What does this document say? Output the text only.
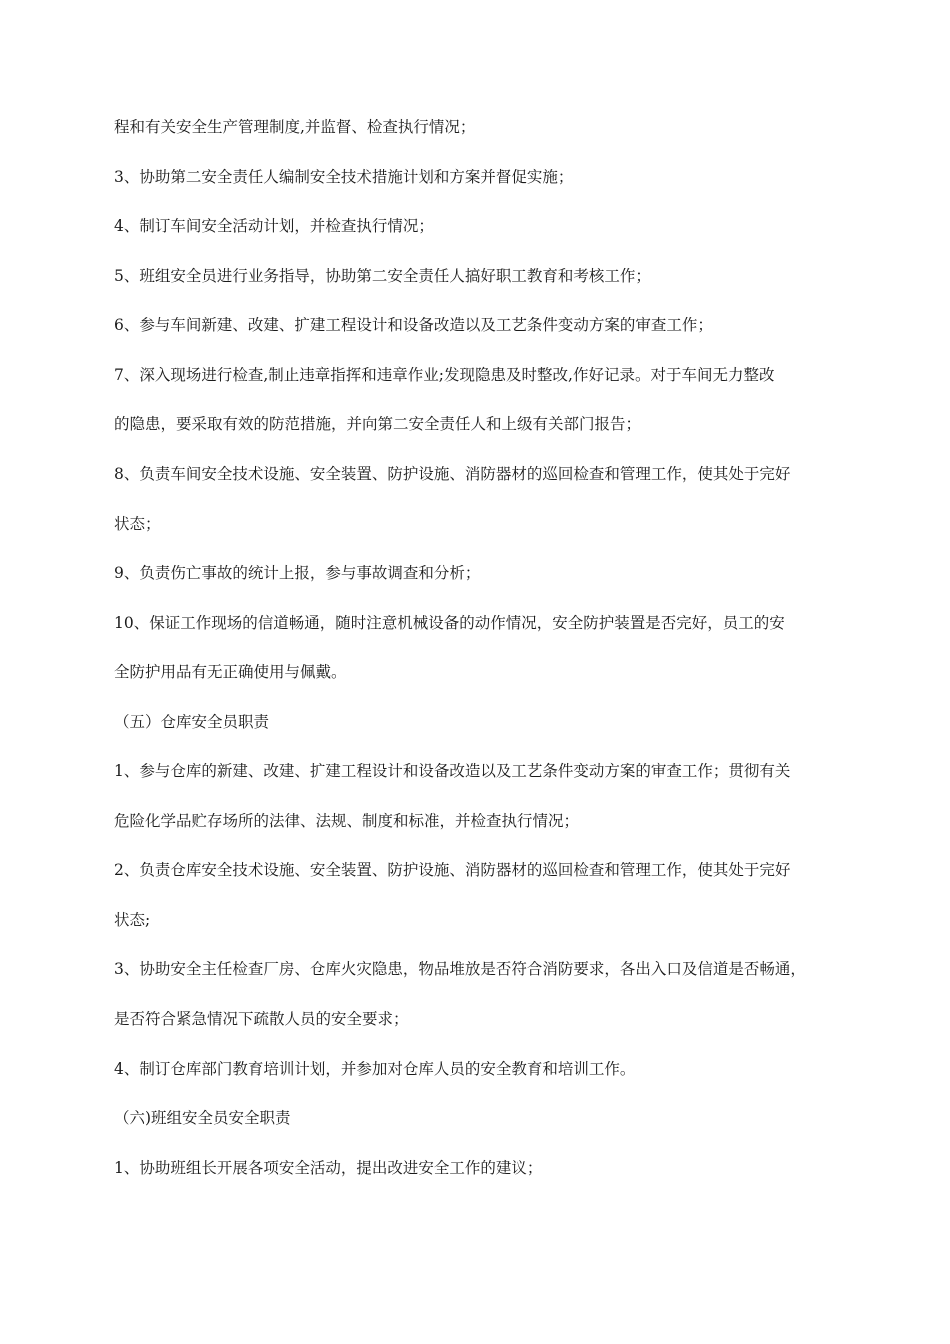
程和有关安全生产管理制度,并监督、检查执行情况；
3、协助第二安全责任人编制安全技术措施计划和方案并督促实施；
4、制订车间安全活动计划，并检查执行情况；
5、班组安全员进行业务指导，协助第二安全责任人搞好职工教育和考核工作；
6、参与车间新建、改建、扩建工程设计和设备改造以及工艺条件变动方案的审查工作；
7、深入现场进行检查,制止违章指挥和违章作业;发现隐患及时整改,作好记录。对于车间无力整改
的隐患，要采取有效的防范措施，并向第二安全责任人和上级有关部门报告；
8、负责车间安全技术设施、安全装置、防护设施、消防器材的巡回检查和管理工作，使其处于完好
状态；
9、负责伤亡事故的统计上报，参与事故调查和分析；
10、保证工作现场的信道畅通，随时注意机械设备的动作情况，安全防护装置是否完好，员工的安
全防护用品有无正确使用与佩戴。
（五）仓库安全员职责
1、参与仓库的新建、改建、扩建工程设计和设备改造以及工艺条件变动方案的审查工作；贯彻有关
危险化学品贮存场所的法律、法规、制度和标准，并检查执行情况；
2、负责仓库安全技术设施、安全装置、防护设施、消防器材的巡回检查和管理工作，使其处于完好
状态;
3、协助安全主任检查厂房、仓库火灾隐患，物品堆放是否符合消防要求，各出入口及信道是否畅通，
是否符合紧急情况下疏散人员的安全要求；
4、制订仓库部门教育培训计划，并参加对仓库人员的安全教育和培训工作。
（六)班组安全员安全职责
1、协助班组长开展各项安全活动，提出改进安全工作的建议；
